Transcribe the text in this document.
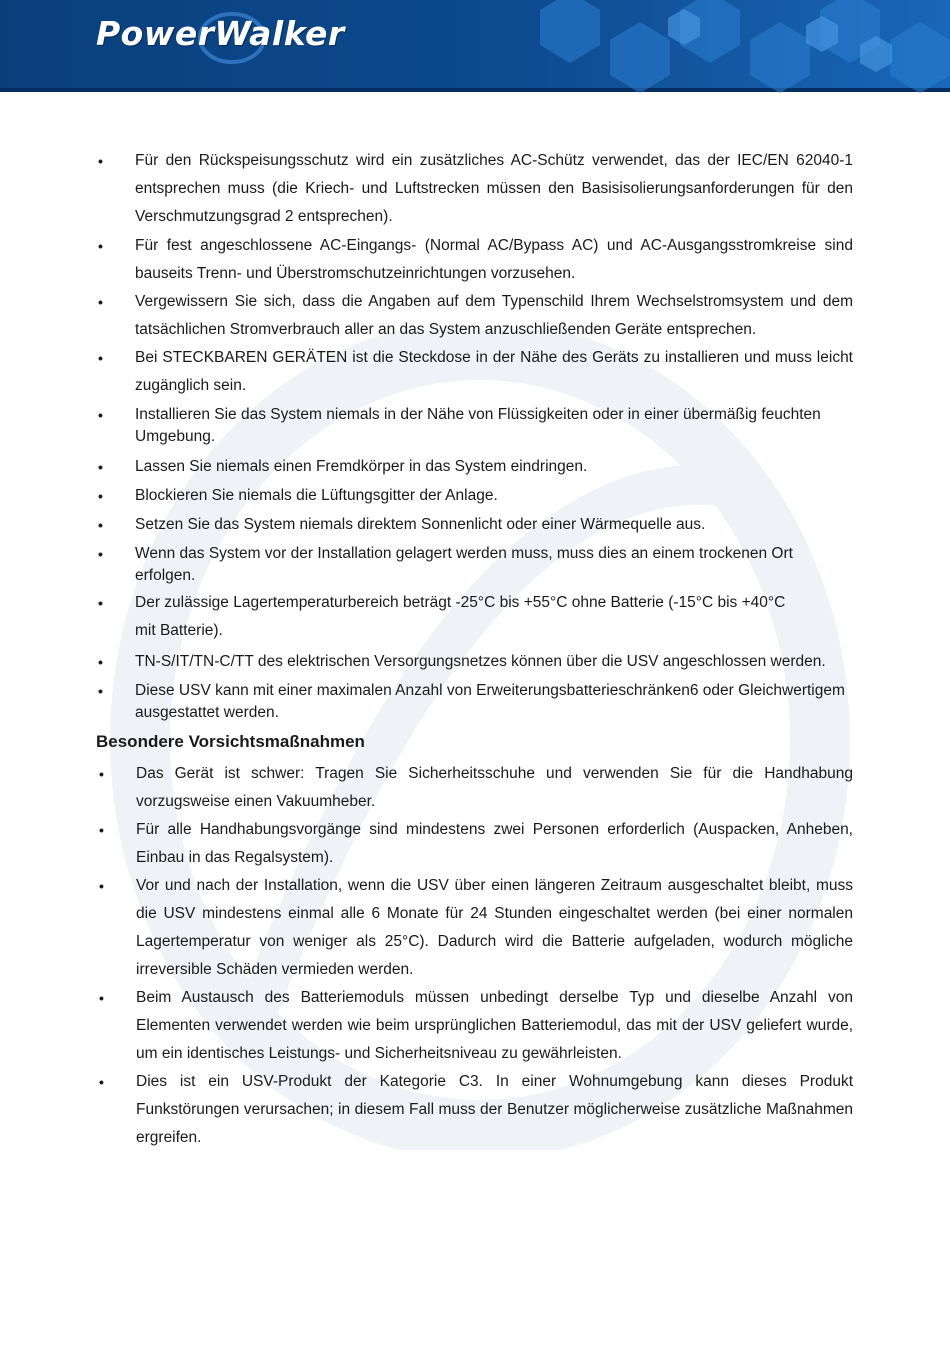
PowerWalker
• Für den Rückspeisungsschutz wird ein zusätzliches AC-Schütz verwendet, das der IEC/EN 62040-1 entsprechen muss (die Kriech- und Luftstrecken müssen den Basisisolierungsanforderungen für den Verschmutzungsgrad 2 entsprechen).
• Für fest angeschlossene AC-Eingangs- (Normal AC/Bypass AC) und AC-Ausgangsstromkreise sind bauseits Trenn- und Überstromschutzeinrichtungen vorzusehen.
• Vergewissern Sie sich, dass die Angaben auf dem Typenschild Ihrem Wechselstromsystem und dem tatsächlichen Stromverbrauch aller an das System anzuschließenden Geräte entsprechen.
• Bei STECKBAREN GERÄTEN ist die Steckdose in der Nähe des Geräts zu installieren und muss leicht zugänglich sein.
• Installieren Sie das System niemals in der Nähe von Flüssigkeiten oder in einer übermäßig feuchten Umgebung.
• Lassen Sie niemals einen Fremdkörper in das System eindringen.
• Blockieren Sie niemals die Lüftungsgitter der Anlage.
• Setzen Sie das System niemals direktem Sonnenlicht oder einer Wärmequelle aus.
• Wenn das System vor der Installation gelagert werden muss, muss dies an einem trockenen Ort erfolgen.
• Der zulässige Lagertemperaturbereich beträgt -25°C bis +55°C ohne Batterie (-15°C bis +40°C mit Batterie).
• TN-S/IT/TN-C/TT des elektrischen Versorgungsnetzes können über die USV angeschlossen werden.
• Diese USV kann mit einer maximalen Anzahl von Erweiterungsbatterieschränken6 oder Gleichwertigem ausgestattet werden.
Besondere Vorsichtsmaßnahmen
• Das Gerät ist schwer: Tragen Sie Sicherheitsschuhe und verwenden Sie für die Handhabung vorzugsweise einen Vakuumheber.
• Für alle Handhabungsvorgänge sind mindestens zwei Personen erforderlich (Auspacken, Anheben, Einbau in das Regalsystem).
• Vor und nach der Installation, wenn die USV über einen längeren Zeitraum ausgeschaltet bleibt, muss die USV mindestens einmal alle 6 Monate für 24 Stunden eingeschaltet werden (bei einer normalen Lagertemperatur von weniger als 25°C). Dadurch wird die Batterie aufgeladen, wodurch mögliche irreversible Schäden vermieden werden.
• Beim Austausch des Batteriemoduls müssen unbedingt derselbe Typ und dieselbe Anzahl von Elementen verwendet werden wie beim ursprünglichen Batteriemodul, das mit der USV geliefert wurde, um ein identisches Leistungs- und Sicherheitsniveau zu gewährleisten.
• Dies ist ein USV-Produkt der Kategorie C3. In einer Wohnumgebung kann dieses Produkt Funkstörungen verursachen; in diesem Fall muss der Benutzer möglicherweise zusätzliche Maßnahmen ergreifen.
